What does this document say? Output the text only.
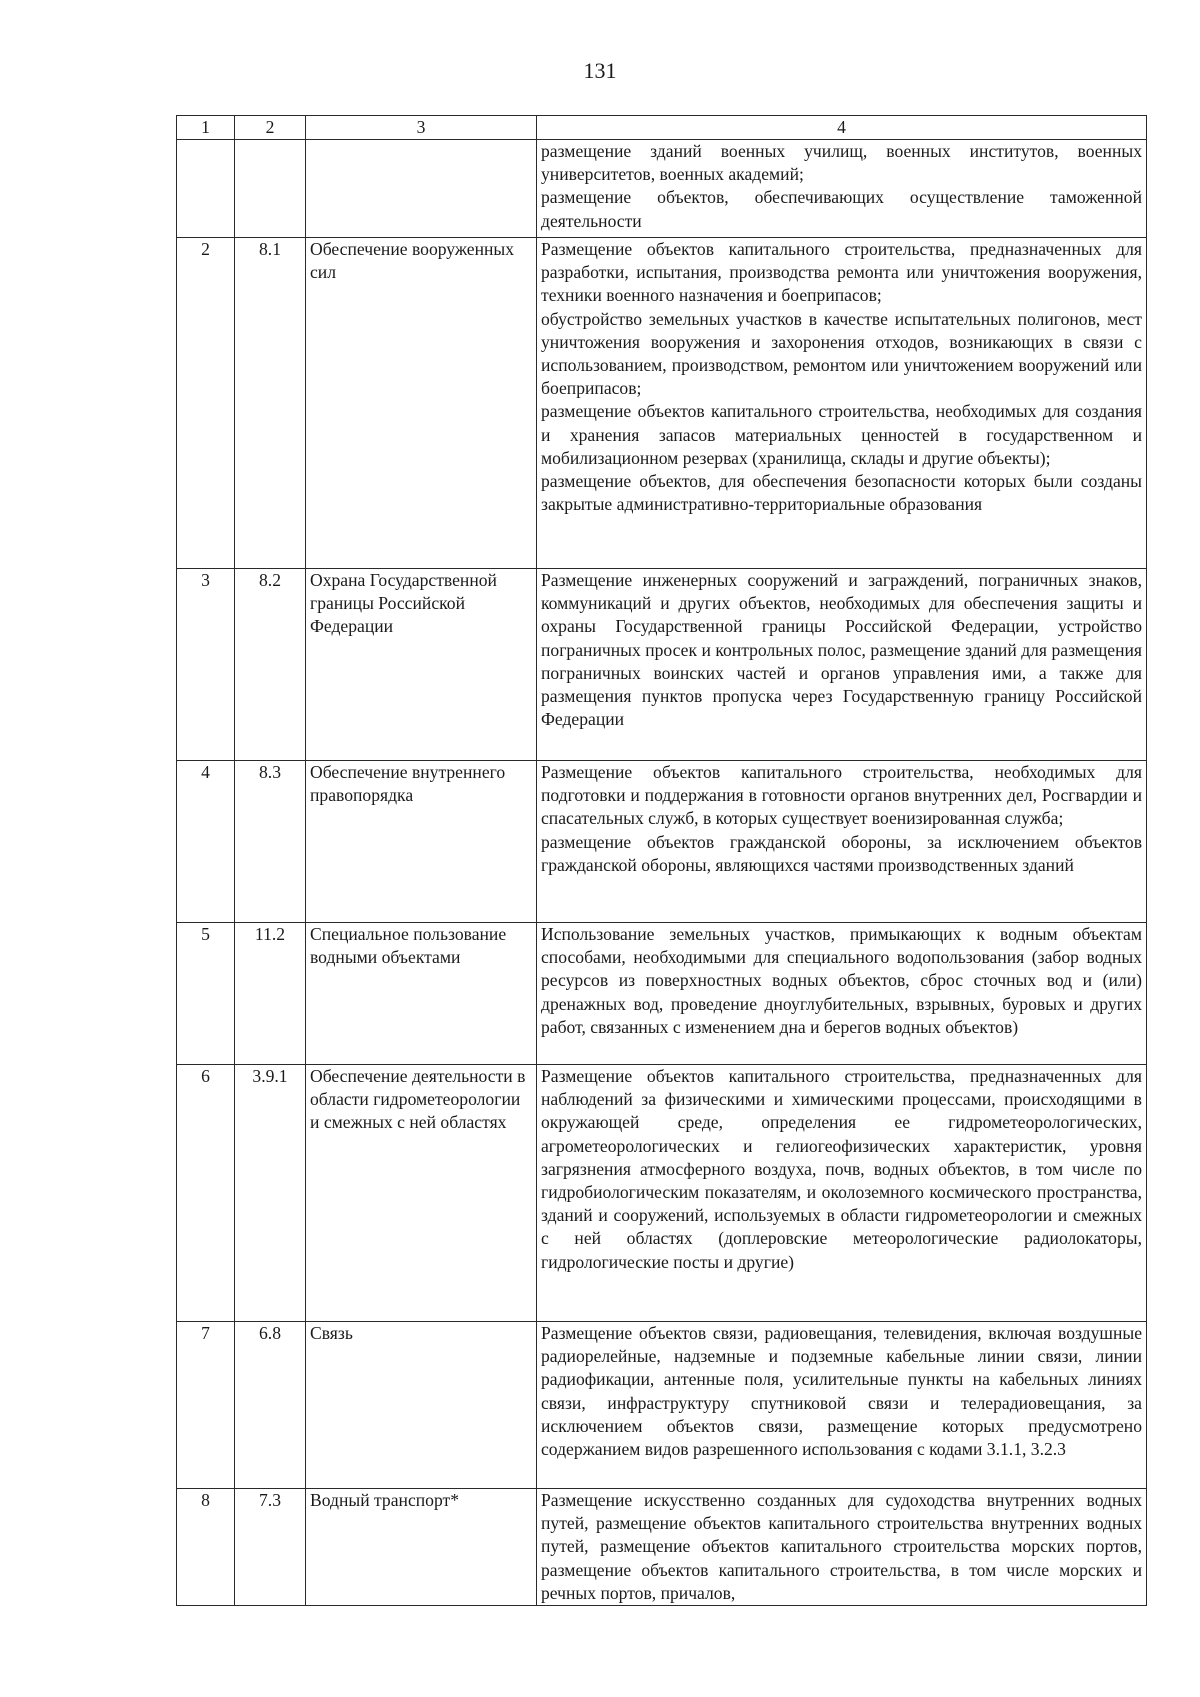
131
1	2	3	4

			размещение зданий военных училищ, военных институтов, военных университетов, военных академий;

размещение объектов, обеспечивающих осуществление таможенной деятельности

2	8.1	Обеспечение вооруженных сил	Размещение объектов капитального строительства, предназначенных для разработки, испытания, производства ремонта или уничтожения вооружения, техники военного назначения и боеприпасов;

обустройство земельных участков в качестве испытательных полигонов, мест уничтожения вооружения и захоронения отходов, возникающих в связи с использованием, производством, ремонтом или уничтожением вооружений или боеприпасов;

размещение объектов капитального строительства, необходимых для создания и хранения запасов материальных ценностей в государственном и мобилизационном резервах (хранилища, склады и другие объекты);

размещение объектов, для обеспечения безопасности которых были созданы закрытые административно-территориальные образования

3	8.2	Охрана Государственной границы Российской Федерации	Размещение инженерных сооружений и заграждений, пограничных знаков, коммуникаций и других объектов, необходимых для обеспечения защиты и охраны Государственной границы Российской Федерации, устройство пограничных просек и контрольных полос, размещение зданий для размещения пограничных воинских частей и органов управления ими, а также для размещения пунктов пропуска через Государственную границу Российской Федерации

4	8.3	Обеспечение внутреннего правопорядка	Размещение объектов капитального строительства, необходимых для подготовки и поддержания в готовности органов внутренних дел, Росгвардии и спасательных служб, в которых существует военизированная служба;

размещение объектов гражданской обороны, за исключением объектов гражданской обороны, являющихся частями производственных зданий

5	11.2	Специальное пользование водными объектами	Использование земельных участков, примыкающих к водным объектам способами, необходимыми для специального водопользования (забор водных ресурсов из поверхностных водных объектов, сброс сточных вод и (или) дренажных вод, проведение дноуглубительных, взрывных, буровых и других работ, связанных с изменением дна и берегов водных объектов)

6	3.9.1	Обеспечение деятельности в области гидрометеорологии и смежных с ней областях	Размещение объектов капитального строительства, предназначенных для наблюдений за физическими и химическими процессами, происходящими в окружающей среде, определения ее гидрометеорологических, агрометеорологических и гелиогеофизических характеристик, уровня загрязнения атмосферного воздуха, почв, водных объектов, в том числе по гидробиологическим показателям, и околоземного космического пространства, зданий и сооружений, используемых в области гидрометеорологии и смежных с ней областях (доплеровские метеорологические радиолокаторы, гидрологические посты и другие)

7	6.8	Связь	Размещение объектов связи, радиовещания, телевидения, включая воздушные радиорелейные, надземные и подземные кабельные линии связи, линии радиофикации, антенные поля, усилительные пункты на кабельных линиях связи, инфраструктуру спутниковой связи и телерадиовещания, за исключением объектов связи, размещение которых предусмотрено содержанием видов разрешенного использования с кодами 3.1.1, 3.2.3

8	7.3	Водный транспорт*	Размещение искусственно созданных для судоходства внутренних водных путей, размещение объектов капитального строительства внутренних водных путей, размещение объектов капитального строительства морских портов, размещение объектов капитального строительства, в том числе морских и речных портов, причалов,
